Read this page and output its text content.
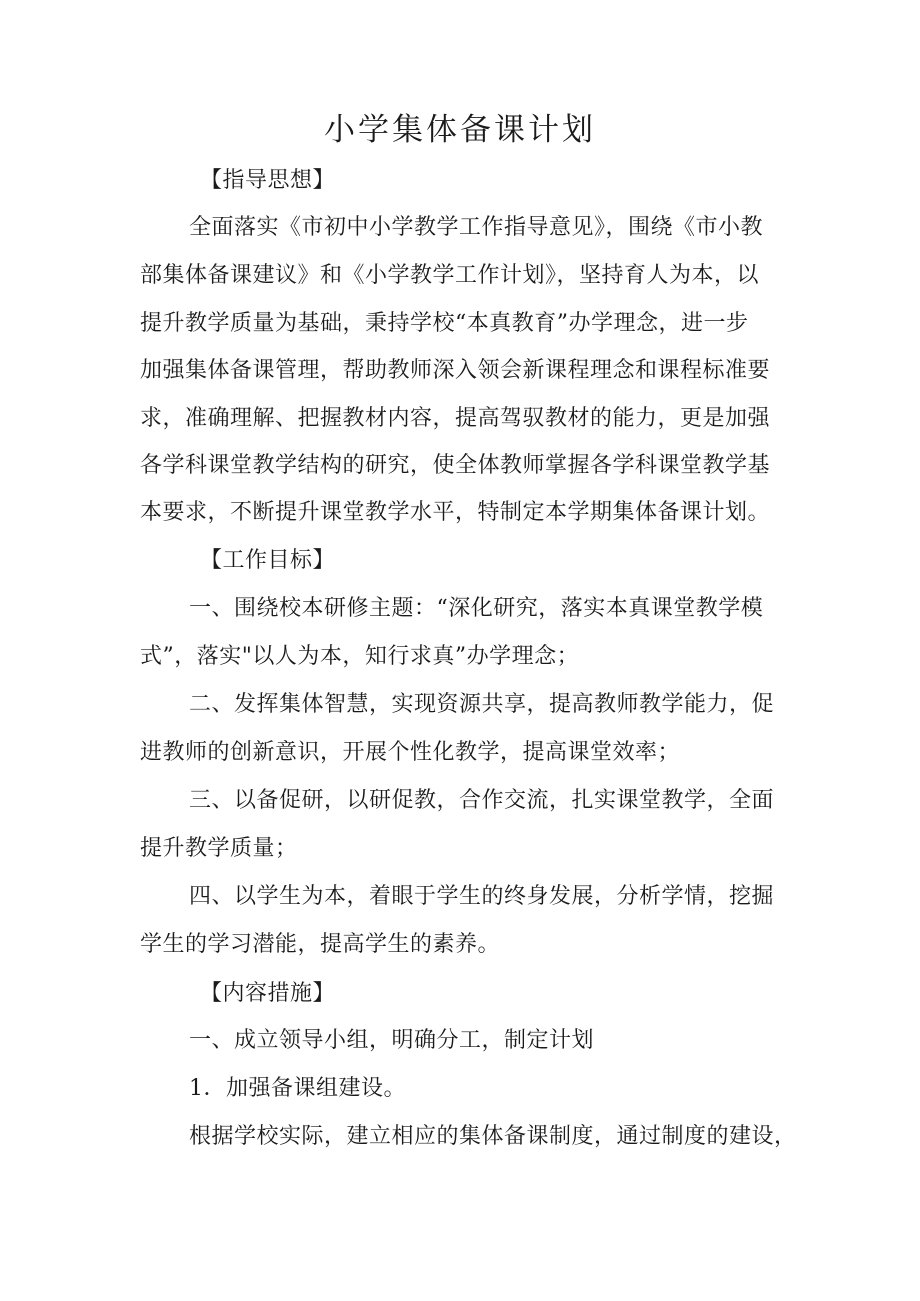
小学集体备课计划
【指导思想】
全面落实《市初中小学教学工作指导意见》，围绕《市小教
部集体备课建议》和《小学教学工作计划》，坚持育人为本，以
提升教学质量为基础，秉持学校“本真教育”办学理念，进一步
加强集体备课管理，帮助教师深入领会新课程理念和课程标准要
求，准确理解、把握教材内容，提高驾驭教材的能力，更是加强
各学科课堂教学结构的研究，使全体教师掌握各学科课堂教学基
本要求，不断提升课堂教学水平，特制定本学期集体备课计划。
【工作目标】
一、围绕校本研修主题：“深化研究，落实本真课堂教学模
式”，落实"以人为本，知行求真”办学理念；
二、发挥集体智慧，实现资源共享，提高教师教学能力，促
进教师的创新意识，开展个性化教学，提高课堂效率；
三、以备促研，以研促教，合作交流，扎实课堂教学，全面
提升教学质量；
四、以学生为本，着眼于学生的终身发展，分析学情，挖掘
学生的学习潜能，提高学生的素养。
【内容措施】
一、成立领导小组，明确分工，制定计划
1．加强备课组建设。
根据学校实际，建立相应的集体备课制度，通过制度的建设，
